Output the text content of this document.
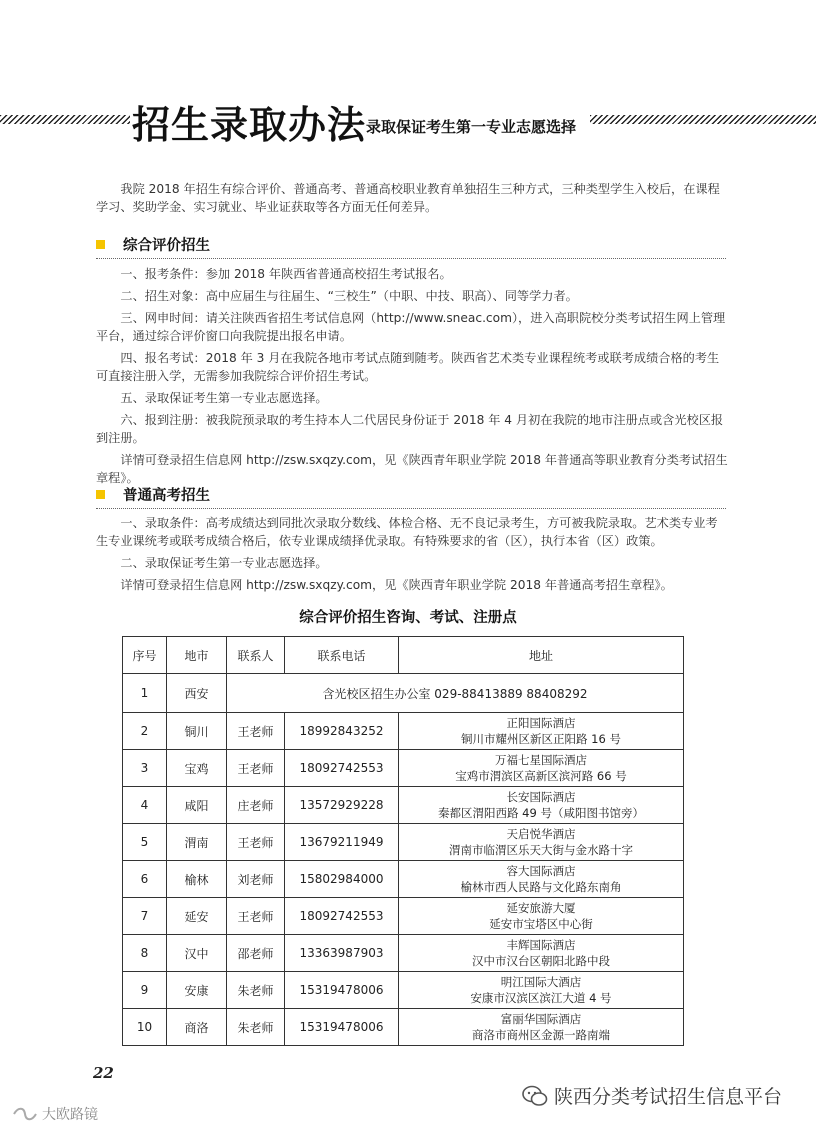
招生录取办法 录取保证考生第一专业志愿选择

我院 2018 年招生有综合评价、普通高考、普通高校职业教育单独招生三种方式，三种类型学生入校后，在课程学习、奖助学金、实习就业、毕业证获取等各方面无任何差异。

综合评价招生

一、报考条件：参加 2018 年陕西省普通高校招生考试报名。

二、招生对象：高中应届生与往届生、“三校生”（中职、中技、职高）、同等学力者。

三、网申时间：请关注陕西省招生考试信息网（http://www.sneac.com），进入高职院校分类考试招生网上管理平台，通过综合评价窗口向我院提出报名申请。

四、报名考试：2018 年 3 月在我院各地市考试点随到随考。陕西省艺术类专业课程统考或联考成绩合格的考生可直接注册入学，无需参加我院综合评价招生考试。

五、录取保证考生第一专业志愿选择。

六、报到注册：被我院预录取的考生持本人二代居民身份证于 2018 年 4 月初在我院的地市注册点或含光校区报到注册。

详情可登录招生信息网 http://zsw.sxqzy.com，见《陕西青年职业学院 2018 年普通高等职业教育分类考试招生章程》。

普通高考招生

一、录取条件：高考成绩达到同批次录取分数线、体检合格、无不良记录考生，方可被我院录取。艺术类专业考生专业课统考或联考成绩合格后，依专业课成绩择优录取。有特殊要求的省（区），执行本省（区）政策。

二、录取保证考生第一专业志愿选择。

详情可登录招生信息网 http://zsw.sxqzy.com，见《陕西青年职业学院 2018 年普通高考招生章程》。

综合评价招生咨询、考试、注册点
序号	地市	联系人	联系电话	地址
1	西安	含光校区招生办公室 029-88413889 88408292		
2	铜川	王老师	18992843252	正阳国际酒店
铜川市耀州区新区正阳路 16 号

3	宝鸡	王老师	18092742553	万福七星国际酒店
宝鸡市渭滨区高新区滨河路 66 号

4	咸阳	庄老师	13572929228	长安国际酒店
秦都区渭阳西路 49 号（咸阳图书馆旁）

5	渭南	王老师	13679211949	天启悦华酒店
渭南市临渭区乐天大街与金水路十字

6	榆林	刘老师	15802984000	容大国际酒店
榆林市西人民路与文化路东南角

7	延安	王老师	18092742553	延安旅游大厦
延安市宝塔区中心街

8	汉中	邵老师	13363987903	丰辉国际酒店
汉中市汉台区朝阳北路中段

9	安康	朱老师	15319478006	明江国际大酒店
安康市汉滨区滨江大道 4 号

10	商洛	朱老师	15319478006	富丽华国际酒店
商洛市商州区金源一路南端
22
陕西分类考试招生信息平台
大欧路镜
